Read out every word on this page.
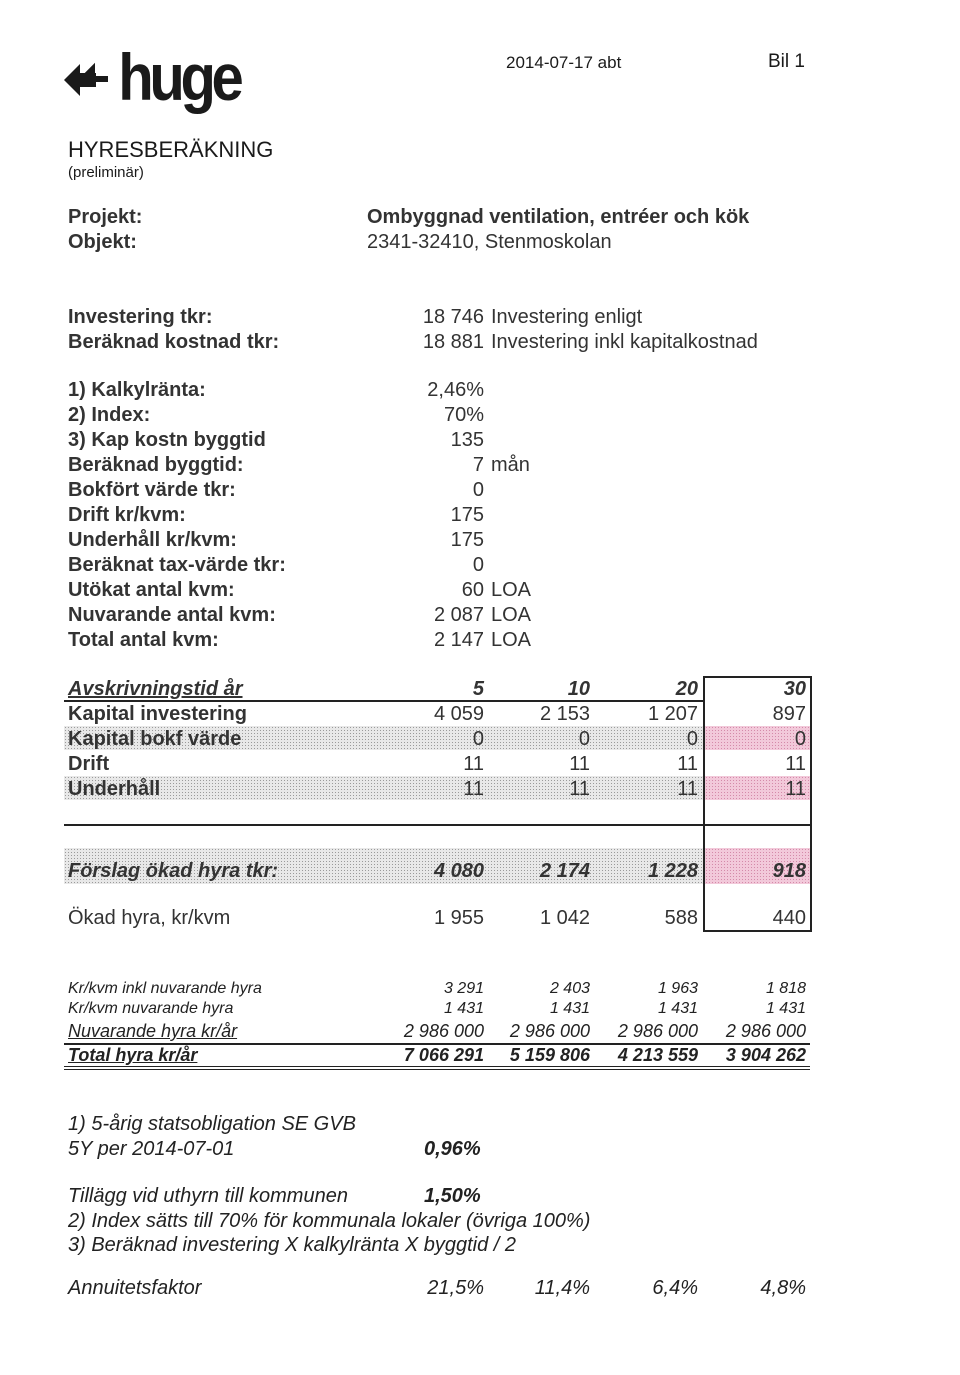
huge	2014-07-17 abt	Bil 1
HYRESBERÄKNING
(preliminär)
Projekt:	Ombyggnad ventilation, entréer och kök
Objekt:	2341-32410, Stenmoskolan
Investering tkr:	18 746 Investering enligt
Beräknad kostnad tkr:	18 881 Investering inkl kapitalkostnad
1) Kalkylränta:	2,46%
2) Index:	70%
3) Kap kostn byggtid	135
Beräknad byggtid:	7 mån
Bokfört värde tkr:	0
Drift kr/kvm:	175
Underhåll kr/kvm:	175
Beräknat tax-värde tkr:	0
Utökat antal kvm:	60 LOA
Nuvarande antal kvm:	2 087 LOA
Total antal kvm:	2 147 LOA
Avskrivningstid år	5	10	20	30
Kapital investering	4 059	2 153	1 207	897
Kapital bokf värde	0	0	0	0
Drift	11	11	11	11
Underhåll	11	11	11	11
Förslag ökad hyra tkr:	4 080	2 174	1 228	918
Ökad hyra, kr/kvm	1 955	1 042	588	440
Kr/kvm inkl nuvarande hyra	3 291	2 403	1 963	1 818
Kr/kvm nuvarande hyra	1 431	1 431	1 431	1 431
Nuvarande hyra kr/år	2 986 000	2 986 000	2 986 000	2 986 000
Total hyra kr/år	7 066 291	5 159 806	4 213 559	3 904 262
1) 5-årig statsobligation SE GVB
5Y per 2014-07-01	0,96%
Tillägg vid uthyrn till kommunen	1,50%
2) Index sätts till 70% för kommunala lokaler (övriga 100%)
3) Beräknad investering X kalkylränta X byggtid / 2
Annuitetsfaktor	21,5%	11,4%	6,4%	4,8%
